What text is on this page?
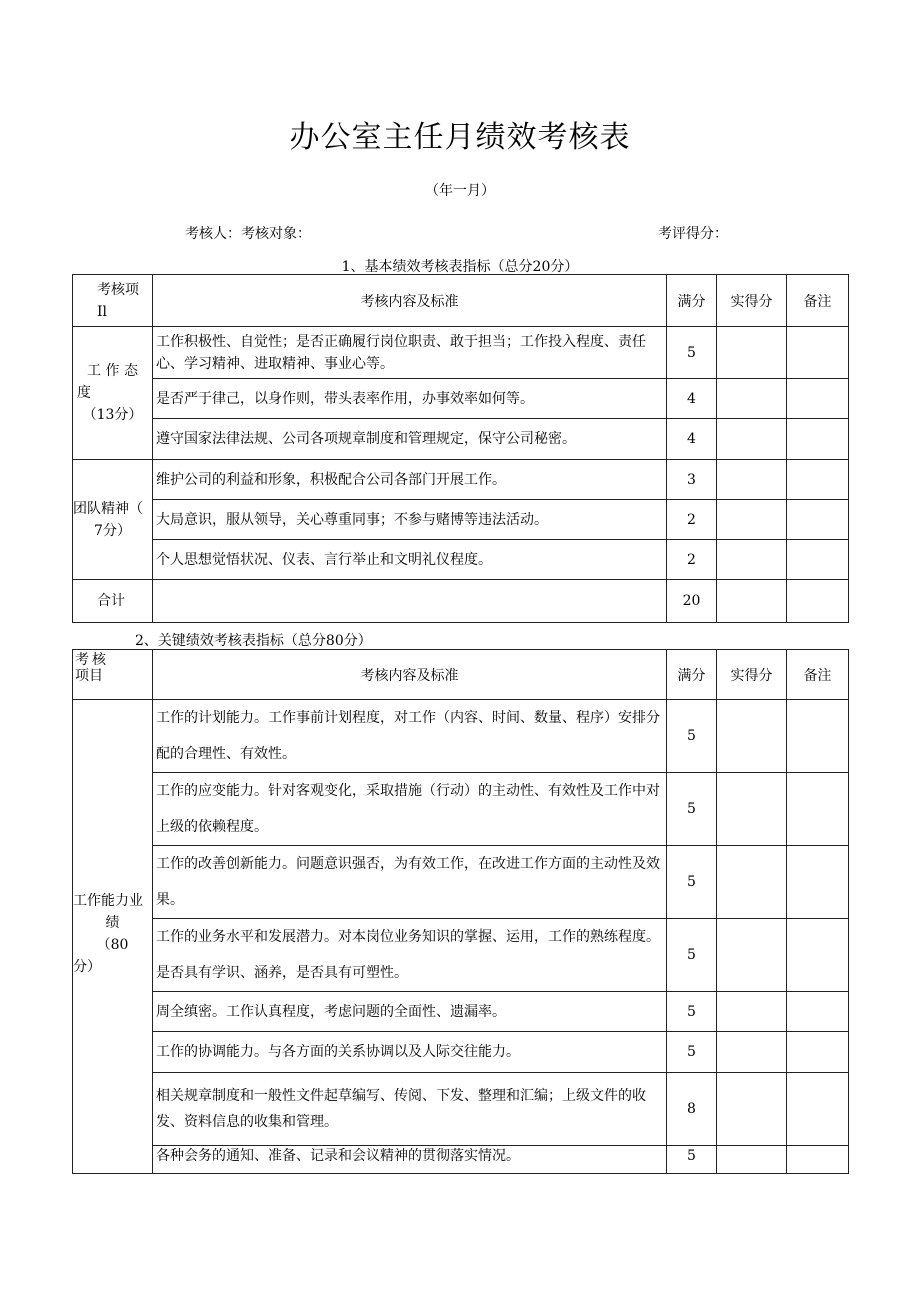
办公室主任月绩效考核表
（年一月）
考核人：考核对象：	考评得分：
1、基本绩效考核表指标（总分20分）
考核项
Il	考核内容及标准	满分	实得分	备注

工 作 态
度
（13分）	工作积极性、自觉性；是否正确履行岗位职责、敢于担当；工作投入程度、责任心、学习精神、进取精神、事业心等。	5		
	是否严于律己，以身作则，带头表率作用，办事效率如何等。	4		
	遵守国家法律法规、公司各项规章制度和管理规定，保守公司秘密。	4		

团队精神（
7分）	维护公司的利益和形象，积极配合公司各部门开展工作。	3		
	大局意识，服从领导，关心尊重同事；不参与赌博等违法活动。	2		
	个人思想觉悟状况、仪表、言行举止和文明礼仪程度。	2		
合计		20		
2、关键绩效考核表指标（总分80分）
考核
项目	考核内容及标准	满分	实得分	备注

工作能力业
绩
（80
分）	工作的计划能力。工作事前计划程度，对工作（内容、时间、数量、程序）安排分配的合理性、有效性。	5		
	工作的应变能力。针对客观变化，采取措施（行动）的主动性、有效性及工作中对上级的依赖程度。	5		
	工作的改善创新能力。问题意识强否，为有效工作，在改进工作方面的主动性及效果。	5		
	工作的业务水平和发展潜力。对本岗位业务知识的掌握、运用，工作的熟练程度。是否具有学识、涵养，是否具有可塑性。	5		
	周全缜密。工作认真程度，考虑问题的全面性、遗漏率。	5		
	工作的协调能力。与各方面的关系协调以及人际交往能力。	5		
	相关规章制度和一般性文件起草编写、传阅、下发、整理和汇编；上级文件的收发、资料信息的收集和管理。	8		
	各种会务的通知、准备、记录和会议精神的贯彻落实情况。	5		
